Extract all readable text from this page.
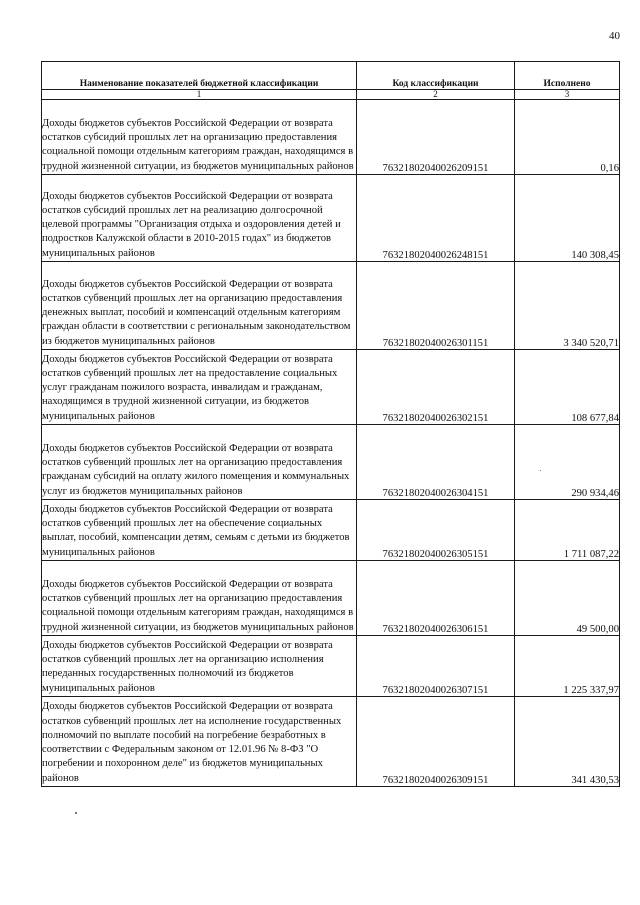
40
Наименование показателей бюджетной классификации	Код классификации	Исполнено
1	2	3
Доходы бюджетов субъектов Российской Федерации от возврата остатков субсидий прошлых лет на организацию предоставления социальной помощи отдельным категориям граждан, находящимся в трудной жизненной ситуации, из бюджетов муниципальных районов	76321802040026209151	0,16
Доходы бюджетов субъектов Российской Федерации от возврата остатков субсидий прошлых лет на реализацию долгосрочной целевой программы "Организация отдыха и оздоровления детей и подростков Калужской области в 2010-2015 годах" из бюджетов муниципальных районов	76321802040026248151	140 308,45
Доходы бюджетов субъектов Российской Федерации от возврата остатков субвенций прошлых лет на организацию предоставления денежных выплат, пособий и компенсаций отдельным категориям граждан области в соответствии с региональным законодательством из бюджетов муниципальных районов	76321802040026301151	3 340 520,71
Доходы бюджетов субъектов Российской Федерации от возврата остатков субвенций прошлых лет на предоставление социальных услуг гражданам пожилого возраста, инвалидам и гражданам, находящимся в трудной жизненной ситуации, из бюджетов муниципальных районов	76321802040026302151	108 677,84
Доходы бюджетов субъектов Российской Федерации от возврата остатков субвенций прошлых лет на организацию предоставления гражданам субсидий на оплату жилого помещения и коммунальных услуг из бюджетов муниципальных районов	76321802040026304151	290 934,46
Доходы бюджетов субъектов Российской Федерации от возврата остатков субвенций прошлых лет на обеспечение социальных выплат, пособий, компенсации детям, семьям с детьми из бюджетов муниципальных районов	76321802040026305151	1 711 087,22
Доходы бюджетов субъектов Российской Федерации от возврата остатков субвенций прошлых лет на организацию предоставления социальной помощи отдельным категориям граждан, находящимся в трудной жизненной ситуации, из бюджетов муниципальных районов	76321802040026306151	49 500,00
Доходы бюджетов субъектов Российской Федерации от возврата остатков субвенций прошлых лет на организацию исполнения переданных государственных полномочий из бюджетов муниципальных районов	76321802040026307151	1 225 337,97
Доходы бюджетов субъектов Российской Федерации от возврата остатков субвенций прошлых лет на исполнение государственных полномочий по выплате пособий на погребение безработных в соответствии с Федеральным законом от 12.01.96 № 8-ФЗ "О погребении и похоронном деле" из бюджетов муниципальных районов	76321802040026309151	341 430,53
